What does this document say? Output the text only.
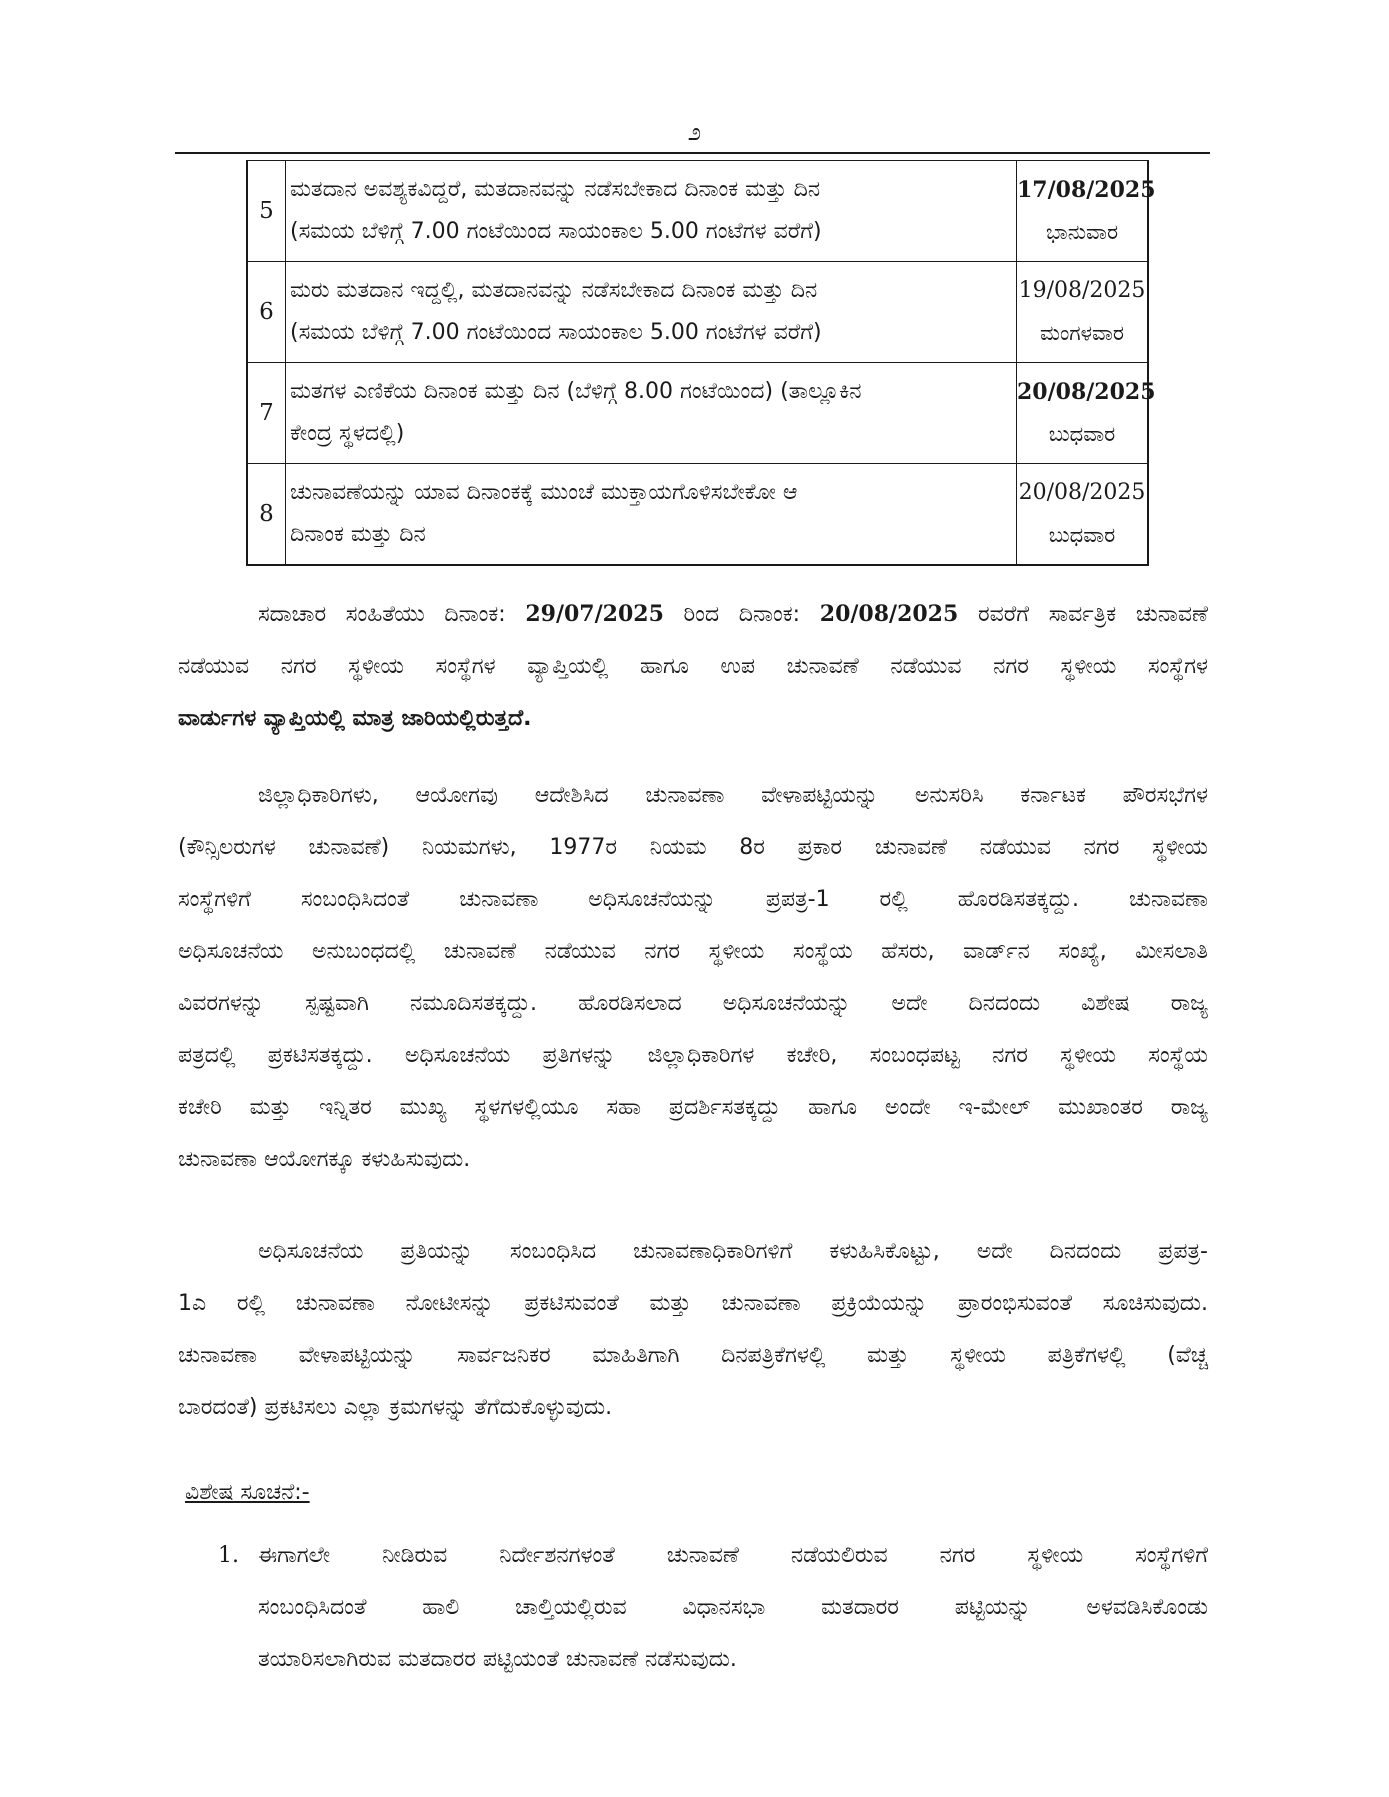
೨
5	ಮತದಾನ ಅವಶ್ಯಕವಿದ್ದರೆ, ಮತದಾನವನ್ನು ನಡೆಸಬೇಕಾದ ದಿನಾಂಕ ಮತ್ತು ದಿನ
(ಸಮಯ ಬೆಳಿಗ್ಗೆ 7.00 ಗಂಟೆಯಿಂದ ಸಾಯಂಕಾಲ 5.00 ಗಂಟೆಗಳ ವರೆಗೆ)	17/08/2025
ಭಾನುವಾರ

6	ಮರು ಮತದಾನ ಇದ್ದಲ್ಲಿ, ಮತದಾನವನ್ನು ನಡೆಸಬೇಕಾದ ದಿನಾಂಕ ಮತ್ತು ದಿನ
(ಸಮಯ ಬೆಳಿಗ್ಗೆ 7.00 ಗಂಟೆಯಿಂದ ಸಾಯಂಕಾಲ 5.00 ಗಂಟೆಗಳ ವರೆಗೆ)	19/08/2025
ಮಂಗಳವಾರ

7	ಮತಗಳ ಎಣಿಕೆಯ ದಿನಾಂಕ ಮತ್ತು ದಿನ (ಬೆಳಿಗ್ಗೆ 8.00 ಗಂಟೆಯಿಂದ) (ತಾಲ್ಲೂಕಿನ
ಕೇಂದ್ರ ಸ್ಥಳದಲ್ಲಿ)	20/08/2025
ಬುಧವಾರ

8	ಚುನಾವಣೆಯನ್ನು ಯಾವ ದಿನಾಂಕಕ್ಕೆ ಮುಂಚೆ ಮುಕ್ತಾಯಗೊಳಿಸಬೇಕೋ ಆ
ದಿನಾಂಕ ಮತ್ತು ದಿನ	20/08/2025
ಬುಧವಾರ
ಸದಾಚಾರ ಸಂಹಿತೆಯು ದಿನಾಂಕ: 29/07/2025 ರಿಂದ ದಿನಾಂಕ: 20/08/2025 ರವರೆಗೆ ಸಾರ್ವತ್ರಿಕ ಚುನಾವಣೆ
ನಡೆಯುವ ನಗರ ಸ್ಥಳೀಯ ಸಂಸ್ಥೆಗಳ ವ್ಯಾಪ್ತಿಯಲ್ಲಿ ಹಾಗೂ ಉಪ ಚುನಾವಣೆ ನಡೆಯುವ ನಗರ ಸ್ಥಳೀಯ ಸಂಸ್ಥೆಗಳ
ವಾರ್ಡುಗಳ ವ್ಯಾಪ್ತಿಯಲ್ಲಿ ಮಾತ್ರ ಜಾರಿಯಲ್ಲಿರುತ್ತದೆ.
ಜಿಲ್ಲಾಧಿಕಾರಿಗಳು, ಆಯೋಗವು ಆದೇಶಿಸಿದ ಚುನಾವಣಾ ವೇಳಾಪಟ್ಟಿಯನ್ನು ಅನುಸರಿಸಿ ಕರ್ನಾಟಕ ಪೌರಸಭೆಗಳ
(ಕೌನ್ಸಿಲರುಗಳ ಚುನಾವಣೆ) ನಿಯಮಗಳು, 1977ರ ನಿಯಮ 8ರ ಪ್ರಕಾರ ಚುನಾವಣೆ ನಡೆಯುವ ನಗರ ಸ್ಥಳೀಯ
ಸಂಸ್ಥೆಗಳಿಗೆ ಸಂಬಂಧಿಸಿದಂತೆ ಚುನಾವಣಾ ಅಧಿಸೂಚನೆಯನ್ನು ಪ್ರಪತ್ರ-1 ರಲ್ಲಿ ಹೊರಡಿಸತಕ್ಕದ್ದು. ಚುನಾವಣಾ
ಅಧಿಸೂಚನೆಯ ಅನುಬಂಧದಲ್ಲಿ ಚುನಾವಣೆ ನಡೆಯುವ ನಗರ ಸ್ಥಳೀಯ ಸಂಸ್ಥೆಯ ಹೆಸರು, ವಾರ್ಡ್‌ನ ಸಂಖ್ಯೆ, ಮೀಸಲಾತಿ
ವಿವರಗಳನ್ನು ಸ್ಪಷ್ಟವಾಗಿ ನಮೂದಿಸತಕ್ಕದ್ದು. ಹೊರಡಿಸಲಾದ ಅಧಿಸೂಚನೆಯನ್ನು ಅದೇ ದಿನದಂದು ವಿಶೇಷ ರಾಜ್ಯ
ಪತ್ರದಲ್ಲಿ ಪ್ರಕಟಿಸತಕ್ಕದ್ದು. ಅಧಿಸೂಚನೆಯ ಪ್ರತಿಗಳನ್ನು ಜಿಲ್ಲಾಧಿಕಾರಿಗಳ ಕಚೇರಿ, ಸಂಬಂಧಪಟ್ಟ ನಗರ ಸ್ಥಳೀಯ ಸಂಸ್ಥೆಯ
ಕಚೇರಿ ಮತ್ತು ಇನ್ನಿತರ ಮುಖ್ಯ ಸ್ಥಳಗಳಲ್ಲಿಯೂ ಸಹಾ ಪ್ರದರ್ಶಿಸತಕ್ಕದ್ದು ಹಾಗೂ ಅಂದೇ ಇ-ಮೇಲ್ ಮುಖಾಂತರ ರಾಜ್ಯ
ಚುನಾವಣಾ ಆಯೋಗಕ್ಕೂ ಕಳುಹಿಸುವುದು.
ಅಧಿಸೂಚನೆಯ ಪ್ರತಿಯನ್ನು ಸಂಬಂಧಿಸಿದ ಚುನಾವಣಾಧಿಕಾರಿಗಳಿಗೆ ಕಳುಹಿಸಿಕೊಟ್ಟು, ಅದೇ ದಿನದಂದು ಪ್ರಪತ್ರ-
1ಎ ರಲ್ಲಿ ಚುನಾವಣಾ ನೋಟೀಸನ್ನು ಪ್ರಕಟಿಸುವಂತೆ ಮತ್ತು ಚುನಾವಣಾ ಪ್ರಕ್ರಿಯೆಯನ್ನು ಪ್ರಾರಂಭಿಸುವಂತೆ ಸೂಚಿಸುವುದು.
ಚುನಾವಣಾ ವೇಳಾಪಟ್ಟಿಯನ್ನು ಸಾರ್ವಜನಿಕರ ಮಾಹಿತಿಗಾಗಿ ದಿನಪತ್ರಿಕೆಗಳಲ್ಲಿ ಮತ್ತು ಸ್ಥಳೀಯ ಪತ್ರಿಕೆಗಳಲ್ಲಿ (ವೆಚ್ಚ
ಬಾರದಂತೆ) ಪ್ರಕಟಿಸಲು ಎಲ್ಲಾ ಕ್ರಮಗಳನ್ನು ತೆಗೆದುಕೊಳ್ಳುವುದು.
ವಿಶೇಷ ಸೂಚನೆ:-
1. ಈಗಾಗಲೇ ನೀಡಿರುವ ನಿರ್ದೇಶನಗಳಂತೆ ಚುನಾವಣೆ ನಡೆಯಲಿರುವ ನಗರ ಸ್ಥಳೀಯ ಸಂಸ್ಥೆಗಳಿಗೆ
ಸಂಬಂಧಿಸಿದಂತೆ ಹಾಲಿ ಚಾಲ್ತಿಯಲ್ಲಿರುವ ವಿಧಾನಸಭಾ ಮತದಾರರ ಪಟ್ಟಿಯನ್ನು ಅಳವಡಿಸಿಕೊಂಡು
ತಯಾರಿಸಲಾಗಿರುವ ಮತದಾರರ ಪಟ್ಟಿಯಂತೆ ಚುನಾವಣೆ ನಡೆಸುವುದು.
